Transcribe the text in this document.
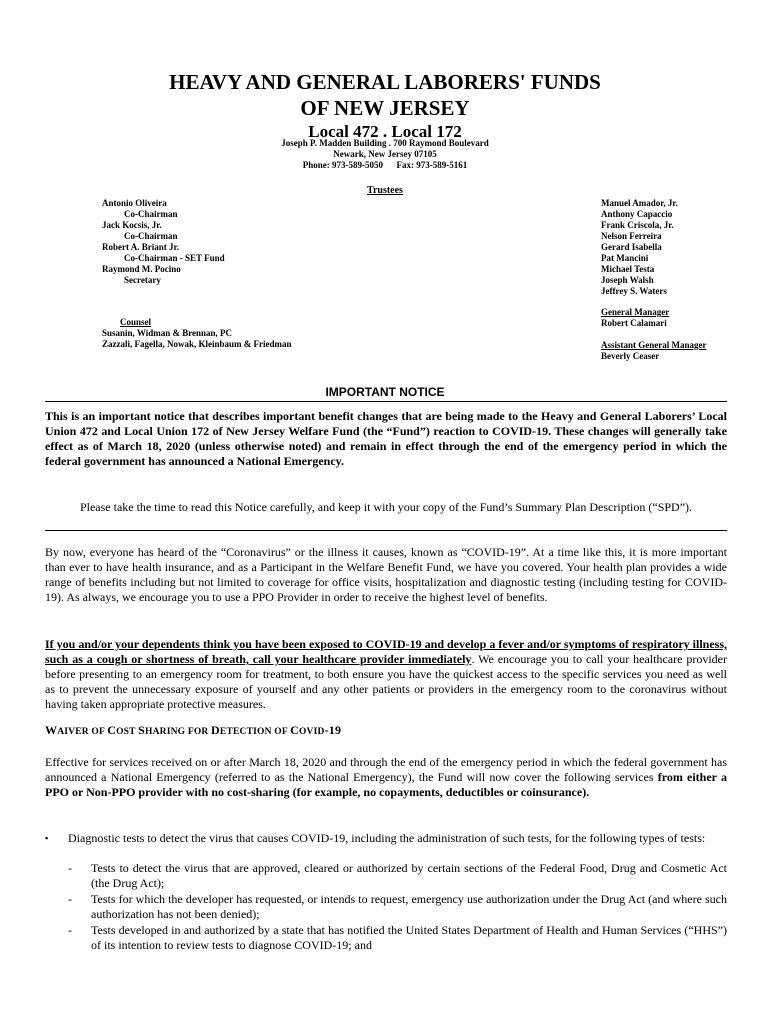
HEAVY AND GENERAL LABORERS' FUNDS
OF NEW JERSEY
Local 472 . Local 172
Joseph P. Madden Building . 700 Raymond Boulevard
Newark, New Jersey 07105
Phone: 973-589-5050      Fax: 973-589-5161
Trustees
Antonio Oliveira
Co-Chairman
Jack Kocsis, Jr.
Co-Chairman
Robert A. Briant Jr.
Co-Chairman - SET Fund
Raymond M. Pocino
Secretary
Manuel Amador, Jr.
Anthony Capaccio
Frank Criscola, Jr.
Nelson Ferreira
Gerard Isabella
Pat Mancini
Michael Testa
Joseph Walsh
Jeffrey S. Waters
Counsel
Susanin, Widman & Brennan, PC
Zazzali, Fagella, Nowak, Kleinbaum & Friedman
General Manager
Robert Calamari
Assistant General Manager
Beverly Ceaser
IMPORTANT NOTICE
This is an important notice that describes important benefit changes that are being made to the Heavy and General Laborers’ Local Union 472 and Local Union 172 of New Jersey Welfare Fund (the “Fund”) reaction to COVID-19. These changes will generally take effect as of March 18, 2020 (unless otherwise noted) and remain in effect through the end of the emergency period in which the federal government has announced a National Emergency.
Please take the time to read this Notice carefully, and keep it with your copy of the Fund’s Summary Plan Description (“SPD”).
By now, everyone has heard of the “Coronavirus” or the illness it causes, known as “COVID-19”. At a time like this, it is more important than ever to have health insurance, and as a Participant in the Welfare Benefit Fund, we have you covered. Your health plan provides a wide range of benefits including but not limited to coverage for office visits, hospitalization and diagnostic testing (including testing for COVID-19). As always, we encourage you to use a PPO Provider in order to receive the highest level of benefits.
If you and/or your dependents think you have been exposed to COVID-19 and develop a fever and/or symptoms of respiratory illness, such as a cough or shortness of breath, call your healthcare provider immediately. We encourage you to call your healthcare provider before presenting to an emergency room for treatment, to both ensure you have the quickest access to the specific services you need as well as to prevent the unnecessary exposure of yourself and any other patients or providers in the emergency room to the coronavirus without having taken appropriate protective measures.
WAIVER OF COST SHARING FOR DETECTION OF COVID-19
Effective for services received on or after March 18, 2020 and through the end of the emergency period in which the federal government has announced a National Emergency (referred to as the National Emergency), the Fund will now cover the following services from either a PPO or Non-PPO provider with no cost-sharing (for example, no copayments, deductibles or coinsurance).
▪ Diagnostic tests to detect the virus that causes COVID-19, including the administration of such tests, for the following types of tests:
- Tests to detect the virus that are approved, cleared or authorized by certain sections of the Federal Food, Drug and Cosmetic Act (the Drug Act);
- Tests for which the developer has requested, or intends to request, emergency use authorization under the Drug Act (and where such authorization has not been denied);
- Tests developed in and authorized by a state that has notified the United States Department of Health and Human Services (“HHS”) of its intention to review tests to diagnose COVID-19; and
